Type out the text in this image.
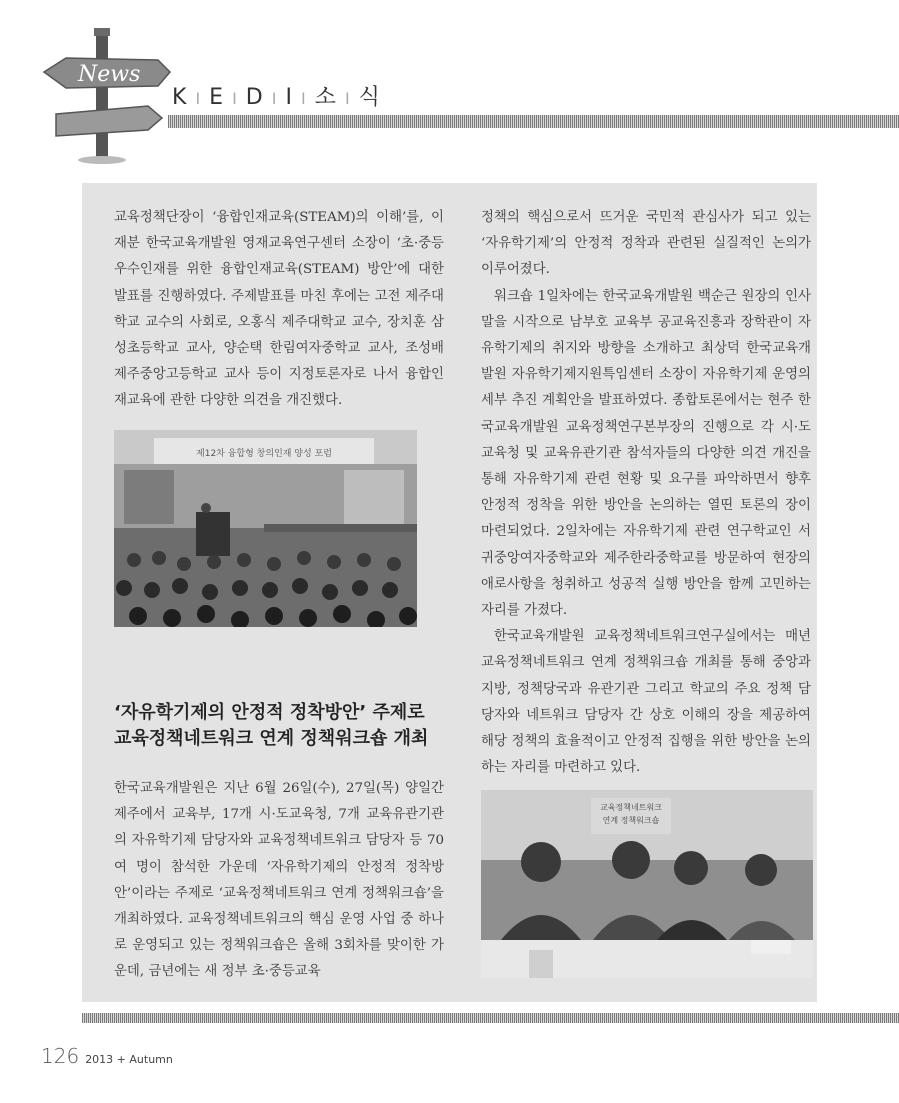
News
K I E I D I I I 소 I 식

교육정책단장이 ‘융합인재교육(STEAM)의 이해’를, 이재분 한국교육개발원 영재교육연구센터 소장이 ‘초·중등 우수인재를 위한 융합인재교육(STEAM) 방안’에 대한 발표를 진행하였다. 주제발표를 마친 후에는 고전 제주대학교 교수의 사회로, 오홍식 제주대학교 교수, 장치훈 삼성초등학교 교사, 양순택 한림여자중학교 교사, 조성배 제주중앙고등학교 교사 등이 지정토론자로 나서 융합인재교육에 관한 다양한 의견을 개진했다.

제12차 융합형 창의인재 양성 포럼
‘자유학기제의 안정적 정착방안’ 주제로
교육정책네트워크 연계 정책워크숍 개최

한국교육개발원은 지난 6월 26일(수), 27일(목) 양일간 제주에서 교육부, 17개 시·도교육청, 7개 교육유관기관의 자유학기제 담당자와 교육정책네트워크 담당자 등 70여 명이 참석한 가운데 ‘자유학기제의 안정적 정착방안’이라는 주제로 ‘교육정책네트워크 연계 정책워크숍’을 개최하였다. 교육정책네트워크의 핵심 운영 사업 중 하나로 운영되고 있는 정책워크숍은 올해 3회차를 맞이한 가운데, 금년에는 새 정부 초·중등교육

정책의 핵심으로서 뜨거운 국민적 관심사가 되고 있는 ‘자유학기제’의 안정적 정착과 관련된 실질적인 논의가 이루어졌다.

워크숍 1일차에는 한국교육개발원 백순근 원장의 인사말을 시작으로 남부호 교육부 공교육진흥과 장학관이 자유학기제의 취지와 방향을 소개하고 최상덕 한국교육개발원 자유학기제지원특임센터 소장이 자유학기제 운영의 세부 추진 계획안을 발표하였다. 종합토론에서는 현주 한국교육개발원 교육정책연구본부장의 진행으로 각 시·도교육청 및 교육유관기관 참석자들의 다양한 의견 개진을 통해 자유학기제 관련 현황 및 요구를 파악하면서 향후 안정적 정착을 위한 방안을 논의하는 열띤 토론의 장이 마련되었다. 2일차에는 자유학기제 관련 연구학교인 서귀중앙여자중학교와 제주한라중학교를 방문하여 현장의 애로사항을 청취하고 성공적 실행 방안을 함께 고민하는 자리를 가졌다.

한국교육개발원 교육정책네트워크연구실에서는 매년 교육정책네트워크 연계 정책워크숍 개최를 통해 중앙과 지방, 정책당국과 유관기관 그리고 학교의 주요 정책 담당자와 네트워크 담당자 간 상호 이해의 장을 제공하여 해당 정책의 효율적이고 안정적 집행을 위한 방안을 논의하는 자리를 마련하고 있다.

교육정책네트워크
연계 정책워크숍
126 2013 + Autumn
